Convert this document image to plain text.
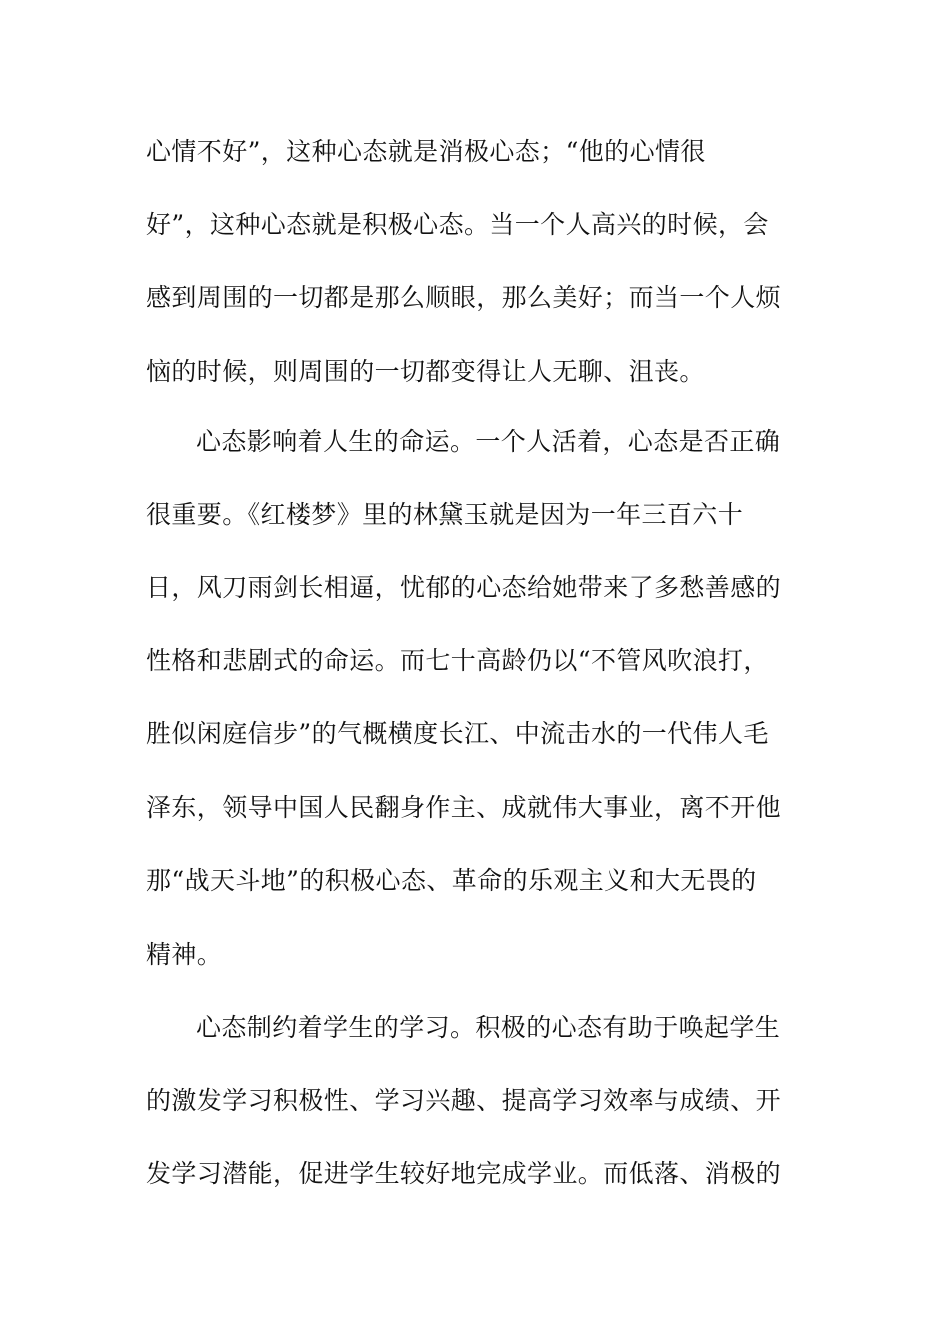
心情不好”，这种心态就是消极心态；“他的心情很
好”，这种心态就是积极心态。当一个人高兴的时候，会
感到周围的一切都是那么顺眼，那么美好；而当一个人烦
恼的时候，则周围的一切都变得让人无聊、沮丧。
心态影响着人生的命运。一个人活着，心态是否正确
很重要。《红楼梦》里的林黛玉就是因为一年三百六十
日，风刀雨剑长相逼，忧郁的心态给她带来了多愁善感的
性格和悲剧式的命运。而七十高龄仍以“不管风吹浪打，
胜似闲庭信步”的气概横度长江、中流击水的一代伟人毛
泽东，领导中国人民翻身作主、成就伟大事业，离不开他
那“战天斗地”的积极心态、革命的乐观主义和大无畏的
精神。
心态制约着学生的学习。积极的心态有助于唤起学生
的激发学习积极性、学习兴趣、提高学习效率与成绩、开
发学习潜能，促进学生较好地完成学业。而低落、消极的
